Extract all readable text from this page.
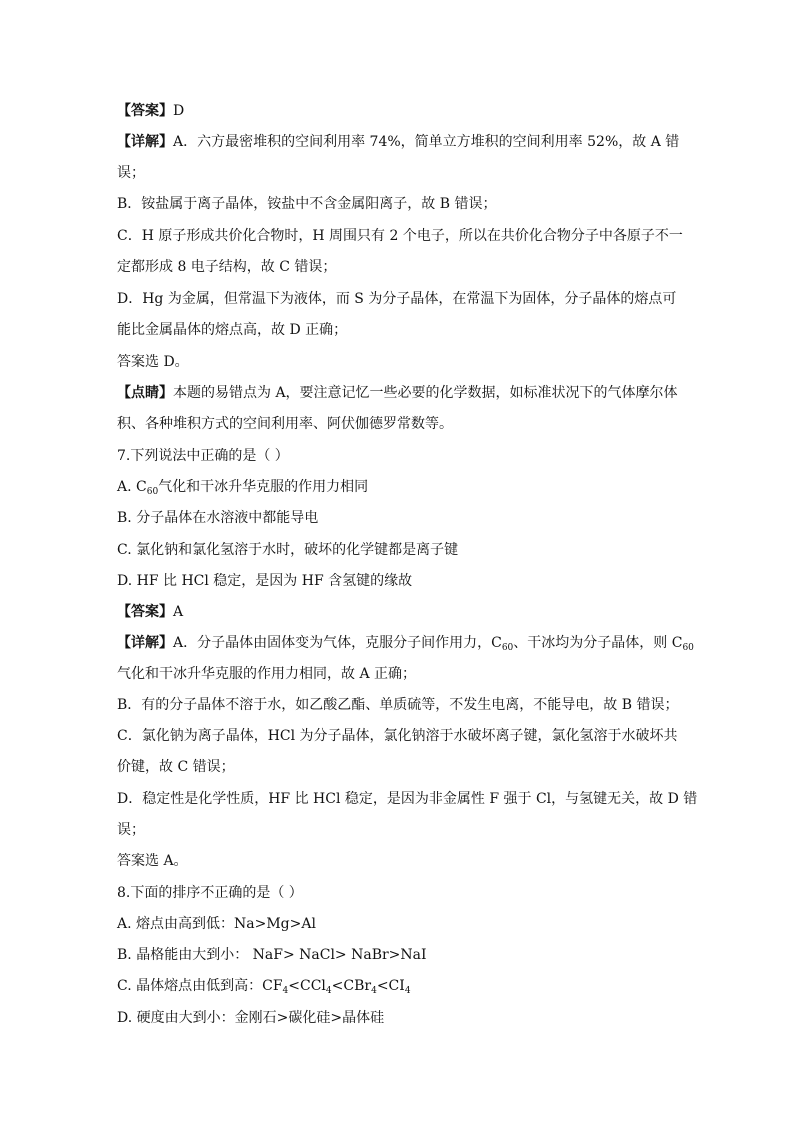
【答案】D
【详解】A．六方最密堆积的空间利用率 74%，简单立方堆积的空间利用率 52%，故 A 错
误；
B．铵盐属于离子晶体，铵盐中不含金属阳离子，故 B 错误；
C．H 原子形成共价化合物时，H 周围只有 2 个电子，所以在共价化合物分子中各原子不一
定都形成 8 电子结构，故 C 错误；
D．Hg 为金属，但常温下为液体，而 S 为分子晶体，在常温下为固体，分子晶体的熔点可
能比金属晶体的熔点高，故 D 正确；
答案选 D。
【点睛】本题的易错点为 A，要注意记忆一些必要的化学数据，如标准状况下的气体摩尔体
积、各种堆积方式的空间利用率、阿伏伽德罗常数等。
7.下列说法中正确的是（ ）
A. $C_{60}$气化和干冰升华克服的作用力相同
B. 分子晶体在水溶液中都能导电
C. 氯化钠和氯化氢溶于水时，破坏的化学键都是离子键
D. HF 比 HCl 稳定，是因为 HF 含氢键的缘故
【答案】A
【详解】A．分子晶体由固体变为气体，克服分子间作用力，$C_{60}$、干冰均为分子晶体，则 $C_{60}$
气化和干冰升华克服的作用力相同，故 A 正确；
B．有的分子晶体不溶于水，如乙酸乙酯、单质硫等，不发生电离，不能导电，故 B 错误；
C．氯化钠为离子晶体，HCl 为分子晶体，氯化钠溶于水破坏离子键，氯化氢溶于水破坏共
价键，故 C 错误；
D．稳定性是化学性质，HF 比 HCl 稳定，是因为非金属性 F 强于 Cl，与氢键无关，故 D 错
误；
答案选 A。
8.下面的排序不正确的是（ ）
A. 熔点由高到低：Na>Mg>Al
B. 晶格能由大到小： NaF> NaCl> NaBr>NaI
C. 晶体熔点由低到高：$CF_4<CCl_4<CBr_4<CI_4$
D. 硬度由大到小：金刚石>碳化硅>晶体硅
